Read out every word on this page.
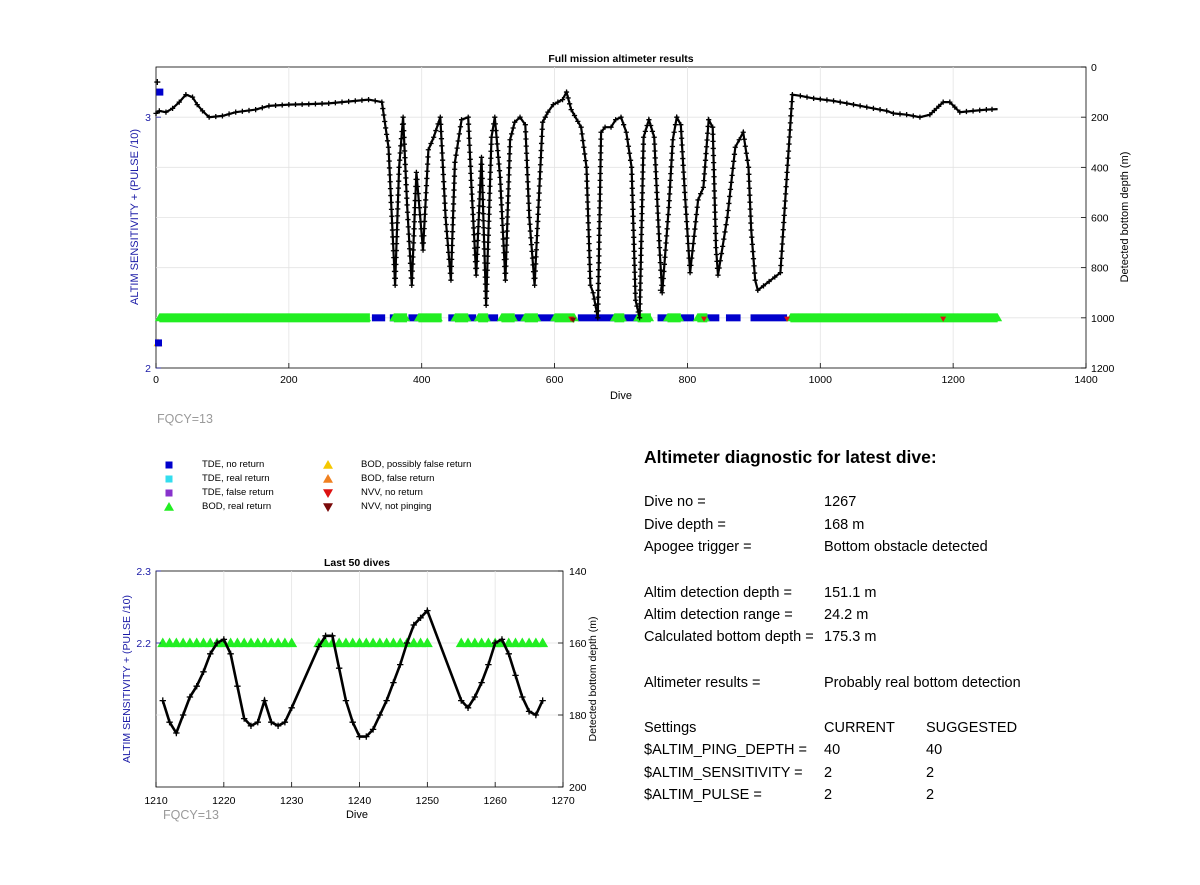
0	200	400	600	800	1000	1200	1400
2
3
0
200
400
600
800
1000
1200
Full mission altimeter results
Dive
ALTIM SENSITIVITY + (PULSE /10)	Detected bottom depth (m)
1210	1220	1230	1240	1250	1260	1270
2.2
2.3	140
160
180
200
Last 50 dives
Dive
ALTIM SENSITIVITY + (PULSE /10)	Detected bottom depth (m)
FQCY=13
FQCY=13
TDE, no return
TDE, real return
TDE, false return
BOD, real return
BOD, possibly false return
BOD, false return
NVV, no return
NVV, not pinging
Altimeter diagnostic for latest dive:
Dive no =	1267
Dive depth =	168 m
Apogee trigger =	Bottom obstacle detected
Altim detection depth = 151.1 m
Altim detection range = 24.2 m
Calculated bottom depth = 175.3 m
Altimeter results =	Probably real bottom detection
Settings	CURRENT SUGGESTED
$ALTIM_PING_DEPTH = 40	40
$ALTIM_SENSITIVITY = 2	2
$ALTIM_PULSE =	2	2
